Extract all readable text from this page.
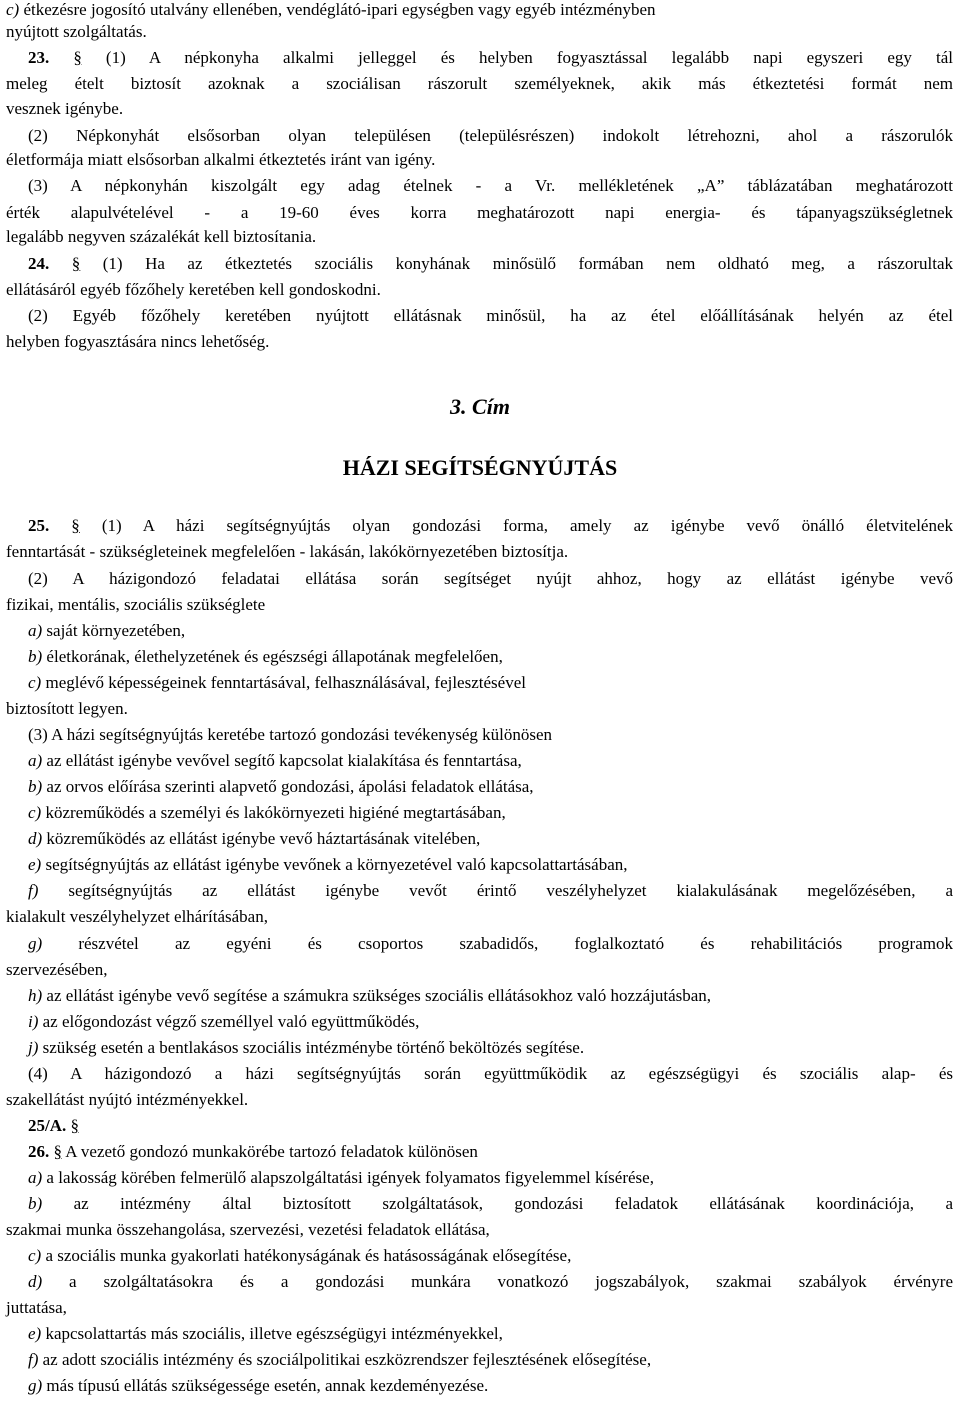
c) étkezésre jogosító utalvány ellenében, vendéglátó-ipari egységben vagy egyéb intézményben
nyújtott szolgáltatás.
23. § (1) A népkonyha alkalmi jelleggel és helyben fogyasztással legalább napi egyszeri egy tál
meleg ételt biztosít azoknak a szociálisan rászorult személyeknek, akik más étkeztetési formát nem
vesznek igénybe.
(2) Népkonyhát elsősorban olyan településen (településrészen) indokolt létrehozni, ahol a rászorulók
életformája miatt elsősorban alkalmi étkeztetés iránt van igény.
(3) A népkonyhán kiszolgált egy adag ételnek - a Vr. mellékletének „A” táblázatában meghatározott
érték alapulvételével - a 19-60 éves korra meghatározott napi energia- és tápanyagszükségletnek
legalább negyven százalékát kell biztosítania.
24. § (1) Ha az étkeztetés szociális konyhának minősülő formában nem oldható meg, a rászorultak
ellátásáról egyéb főzőhely keretében kell gondoskodni.
(2) Egyéb főzőhely keretében nyújtott ellátásnak minősül, ha az étel előállításának helyén az étel
helyben fogyasztására nincs lehetőség.
3. Cím
HÁZI SEGÍTSÉGNYÚJTÁS
25. § (1) A házi segítségnyújtás olyan gondozási forma, amely az igénybe vevő önálló életvitelének
fenntartását - szükségleteinek megfelelően - lakásán, lakókörnyezetében biztosítja.
(2) A házigondozó feladatai ellátása során segítséget nyújt ahhoz, hogy az ellátást igénybe vevő
fizikai, mentális, szociális szükséglete
a) saját környezetében,
b) életkorának, élethelyzetének és egészségi állapotának megfelelően,
c) meglévő képességeinek fenntartásával, felhasználásával, fejlesztésével
biztosított legyen.
(3) A házi segítségnyújtás keretébe tartozó gondozási tevékenység különösen
a) az ellátást igénybe vevővel segítő kapcsolat kialakítása és fenntartása,
b) az orvos előírása szerinti alapvető gondozási, ápolási feladatok ellátása,
c) közreműködés a személyi és lakókörnyezeti higiéné megtartásában,
d) közreműködés az ellátást igénybe vevő háztartásának vitelében,
e) segítségnyújtás az ellátást igénybe vevőnek a környezetével való kapcsolattartásában,
f) segítségnyújtás az ellátást igénybe vevőt érintő veszélyhelyzet kialakulásának megelőzésében, a
kialakult veszélyhelyzet elhárításában,
g) részvétel az egyéni és csoportos szabadidős, foglalkoztató és rehabilitációs programok
szervezésében,
h) az ellátást igénybe vevő segítése a számukra szükséges szociális ellátásokhoz való hozzájutásban,
i) az előgondozást végző személlyel való együttműködés,
j) szükség esetén a bentlakásos szociális intézménybe történő beköltözés segítése.
(4) A házigondozó a házi segítségnyújtás során együttműködik az egészségügyi és szociális alap- és
szakellátást nyújtó intézményekkel.
25/A. §
26. § A vezető gondozó munkakörébe tartozó feladatok különösen
a) a lakosság körében felmerülő alapszolgáltatási igények folyamatos figyelemmel kísérése,
b) az intézmény által biztosított szolgáltatások, gondozási feladatok ellátásának koordinációja, a
szakmai munka összehangolása, szervezési, vezetési feladatok ellátása,
c) a szociális munka gyakorlati hatékonyságának és hatásosságának elősegítése,
d) a szolgáltatásokra és a gondozási munkára vonatkozó jogszabályok, szakmai szabályok érvényre
juttatása,
e) kapcsolattartás más szociális, illetve egészségügyi intézményekkel,
f) az adott szociális intézmény és szociálpolitikai eszközrendszer fejlesztésének elősegítése,
g) más típusú ellátás szükségessége esetén, annak kezdeményezése.
